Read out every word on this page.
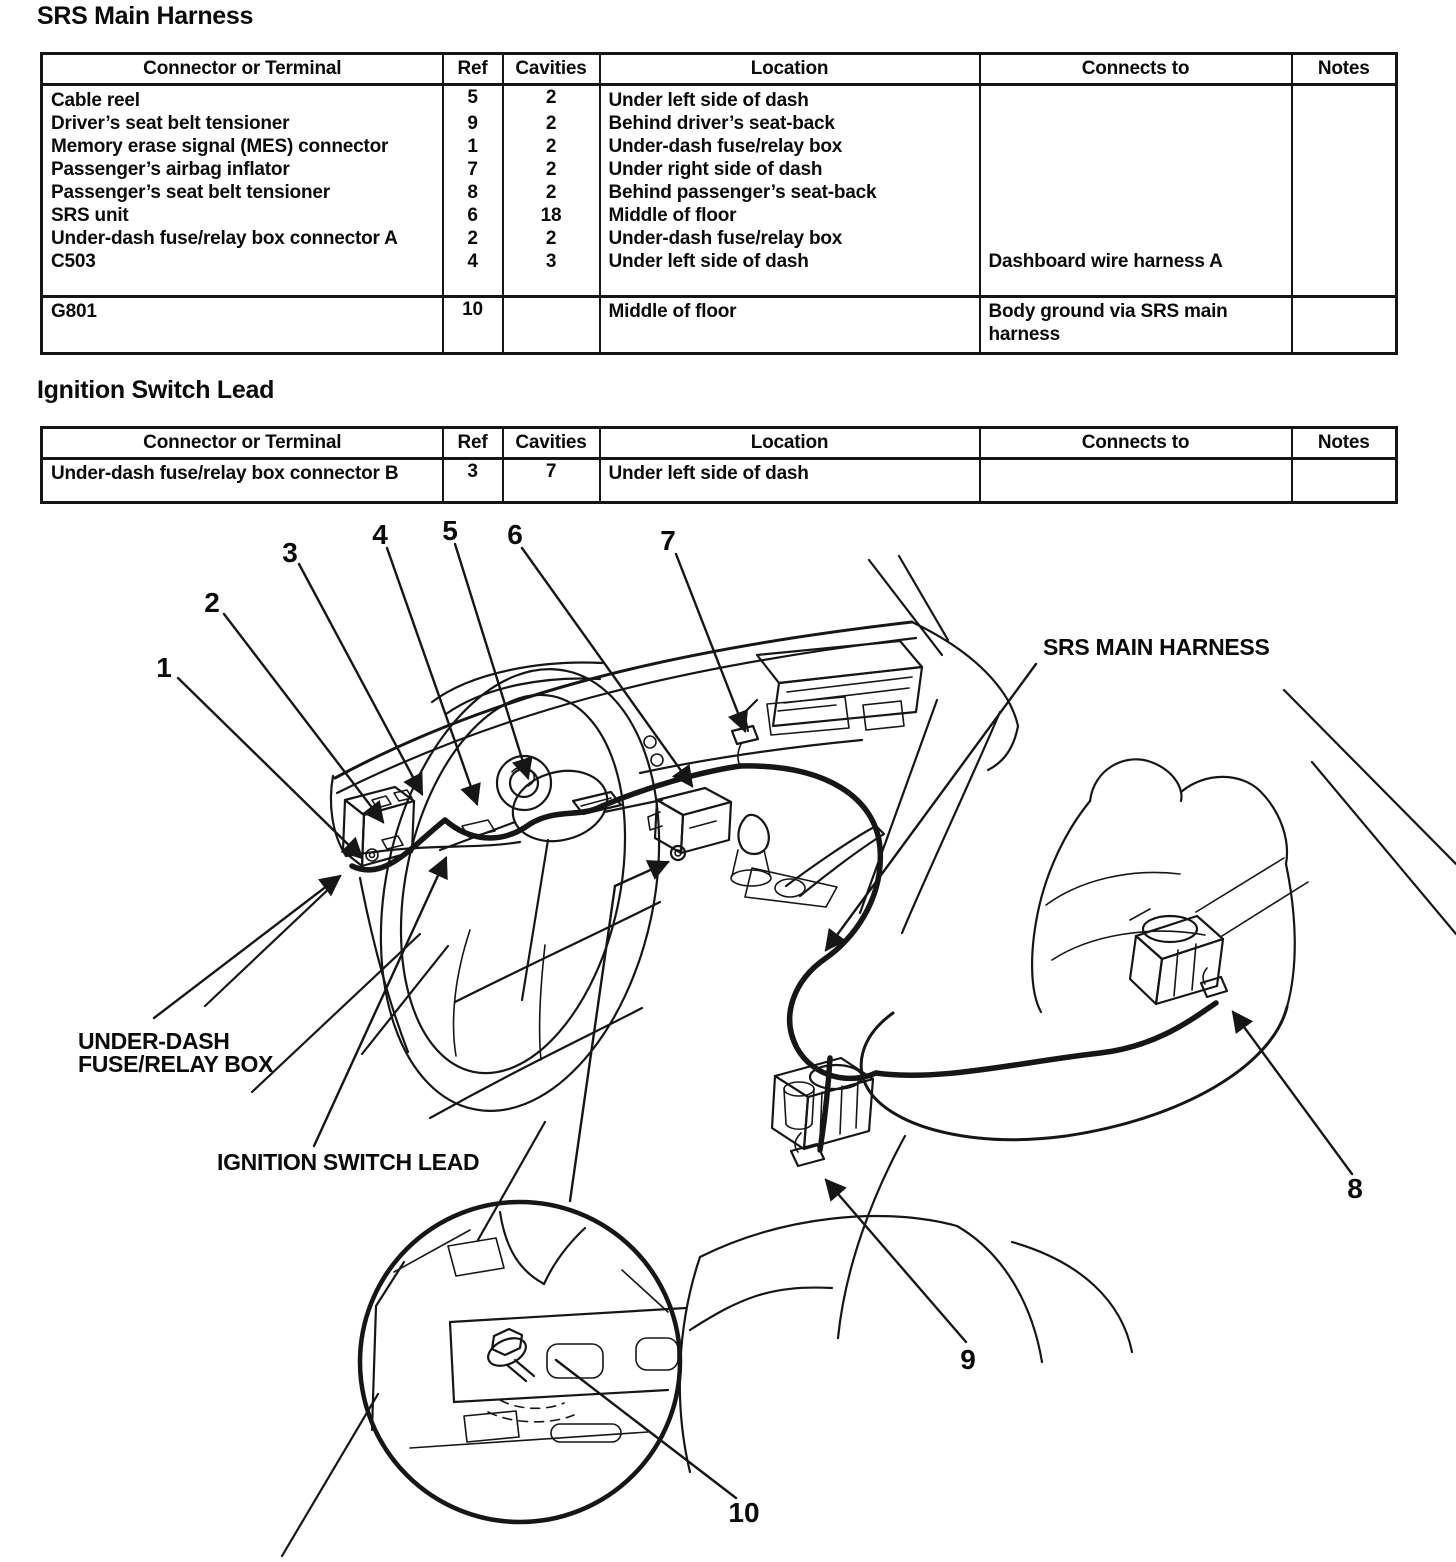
SRS Main Harness
Connector or Terminal	Ref	Cavities	Location	Connects to	Notes
Cable reel	5	2	Under left side of dash		
Driver’s seat belt tensioner	9	2	Behind driver’s seat-back		
Memory erase signal (MES) connector	1	2	Under-dash fuse/relay box		
Passenger’s airbag inflator	7	2	Under right side of dash		
Passenger’s seat belt tensioner	8	2	Behind passenger’s seat-back		
SRS unit	6	18	Middle of floor		
Under-dash fuse/relay box connector A	2	2	Under-dash fuse/relay box		
C503	4	3	Under left side of dash	Dashboard wire harness A	
G801	10		Middle of floor	Body ground via SRS main harness	
Ignition Switch Lead
Connector or Terminal	Ref	Cavities	Location	Connects to	Notes
Under-dash fuse/relay box connector B	3	7	Under left side of dash		
1
2
3
4 5 6	7
8
9
10
SRS MAIN HARNESS
UNDER-DASH
FUSE/RELAY BOX
IGNITION SWITCH LEAD
